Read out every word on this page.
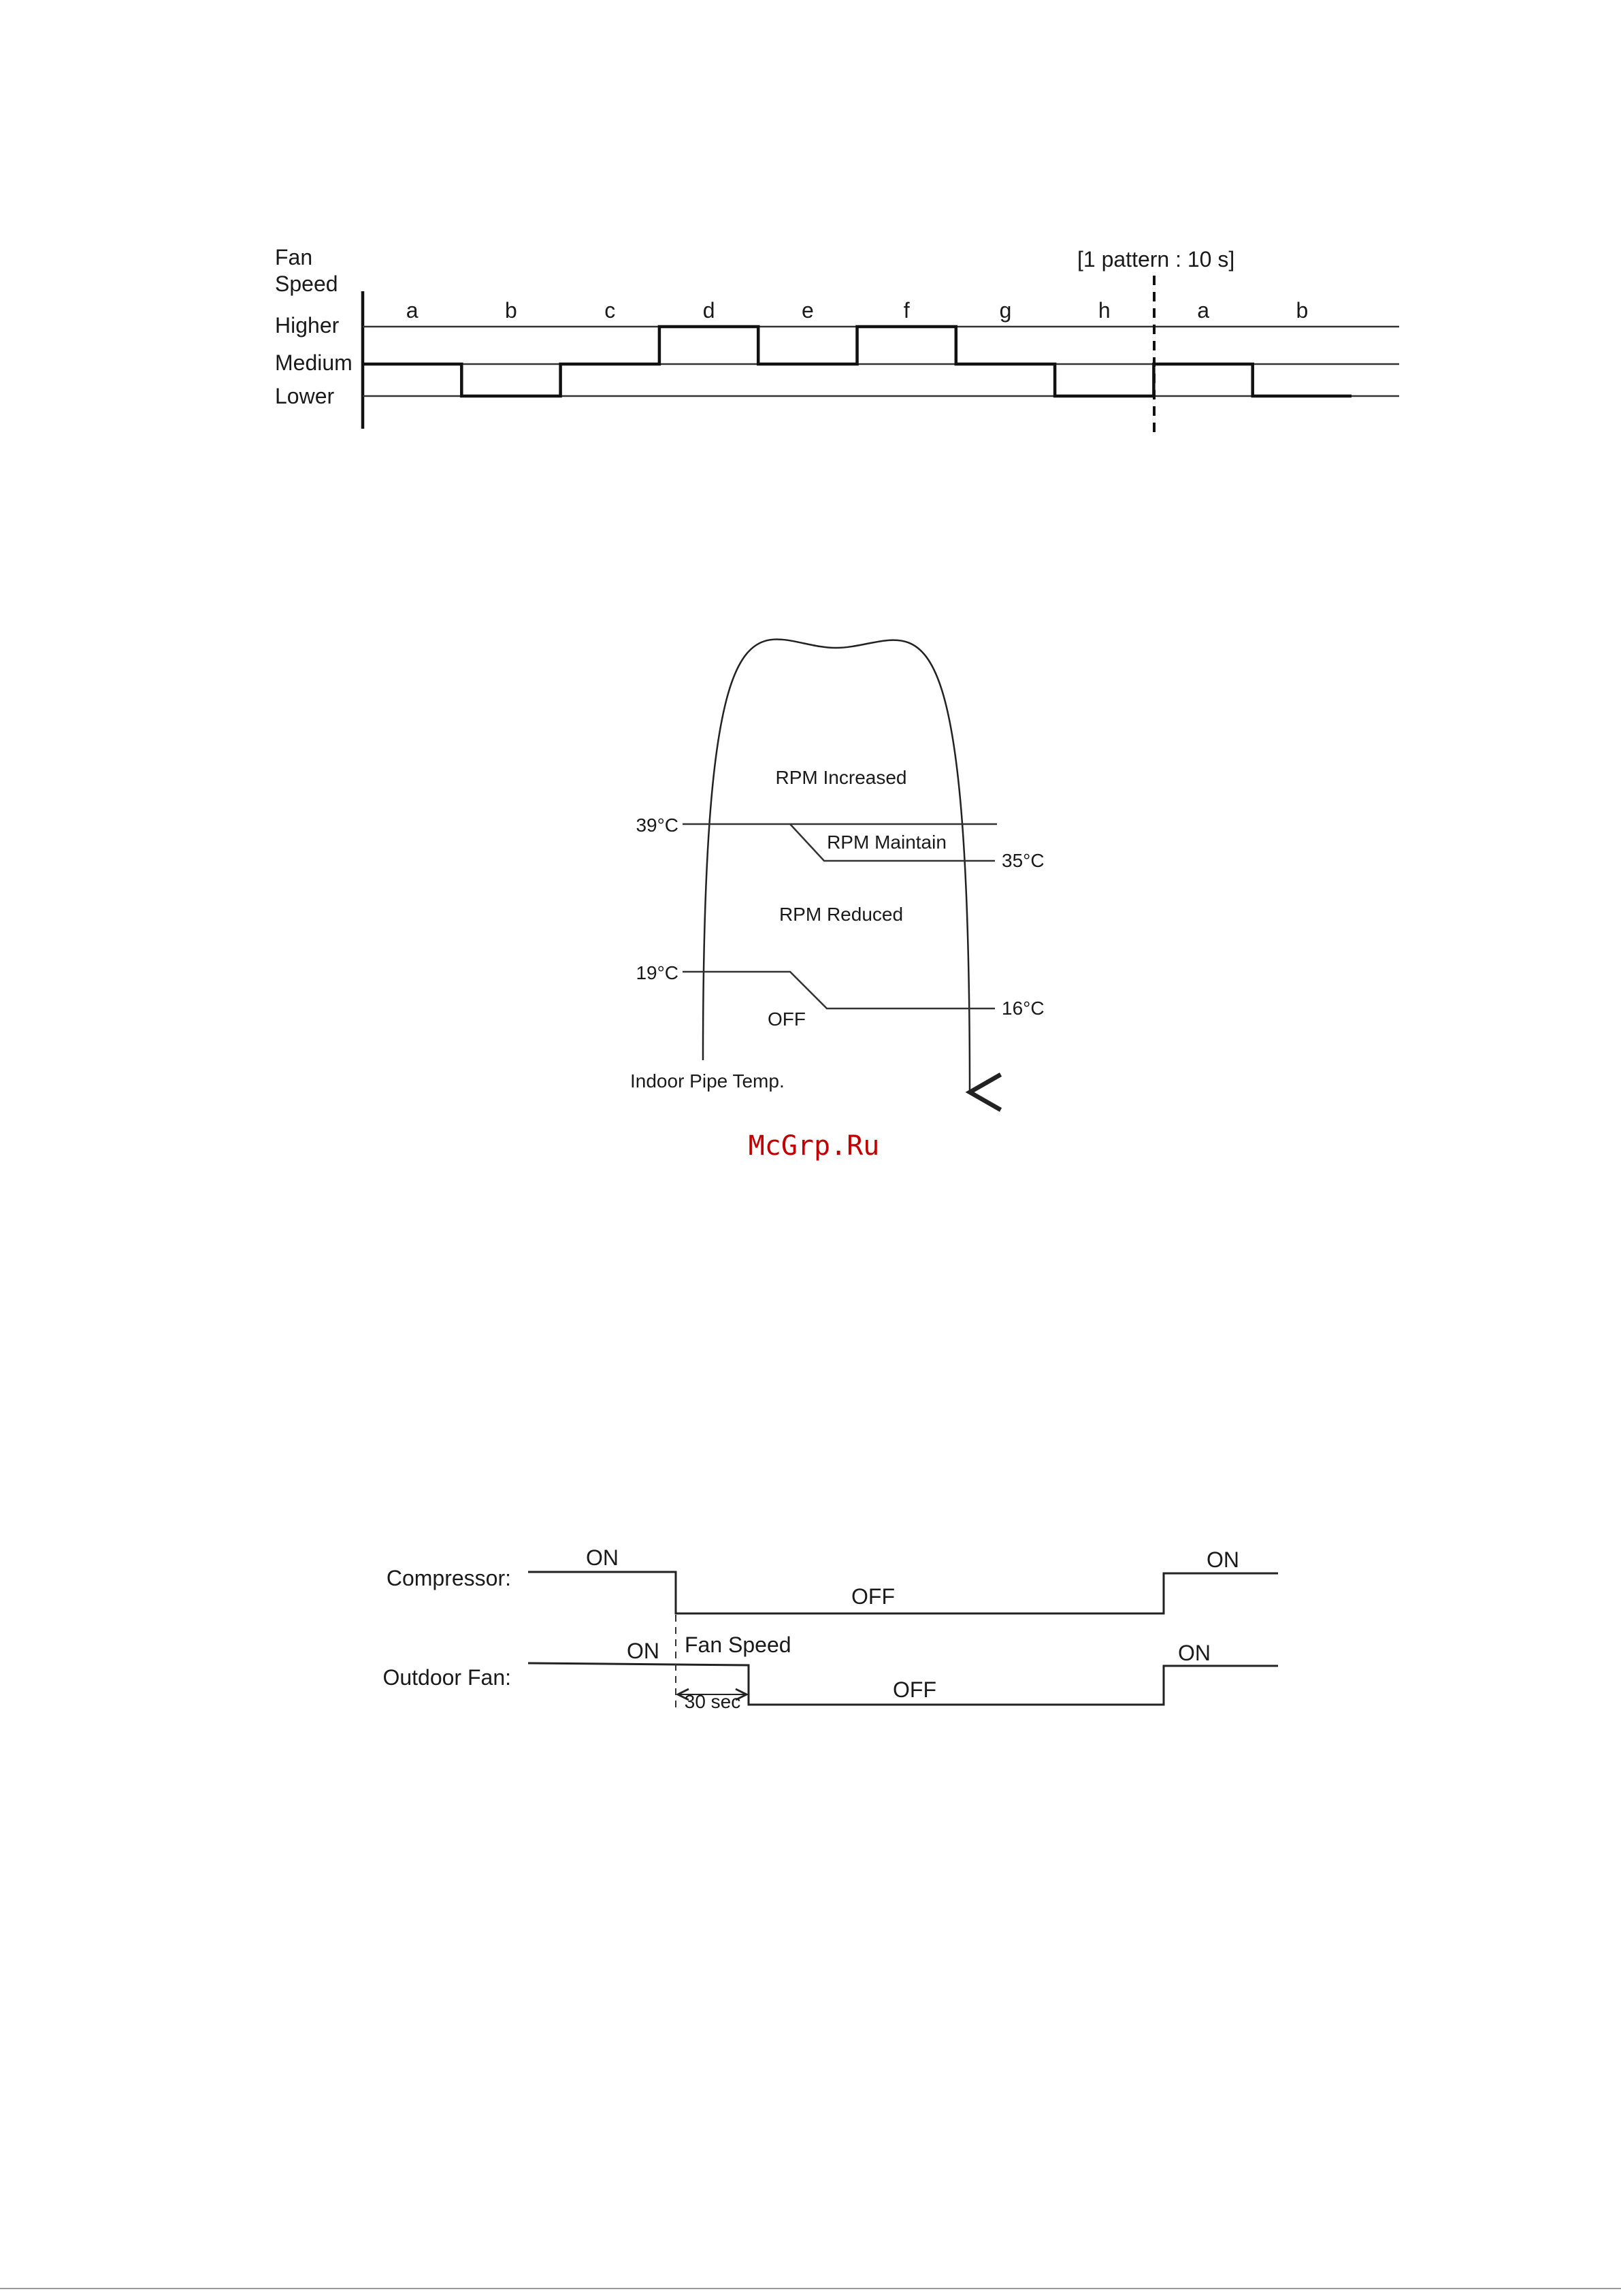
Fan
Speed
Higher
Medium
Lower
[1 pattern : 10 s]
a	b	c	d	e	f	g	h	a	b
RPM Increased
RPM Maintain
RPM Reduced
OFF
39°C
35°C
19°C
16°C
Indoor Pipe Temp.
McGrp.Ru
Compressor:
Outdoor Fan:
ON
OFF
ON
ON Fan Speed
30 sec	OFF
ON
